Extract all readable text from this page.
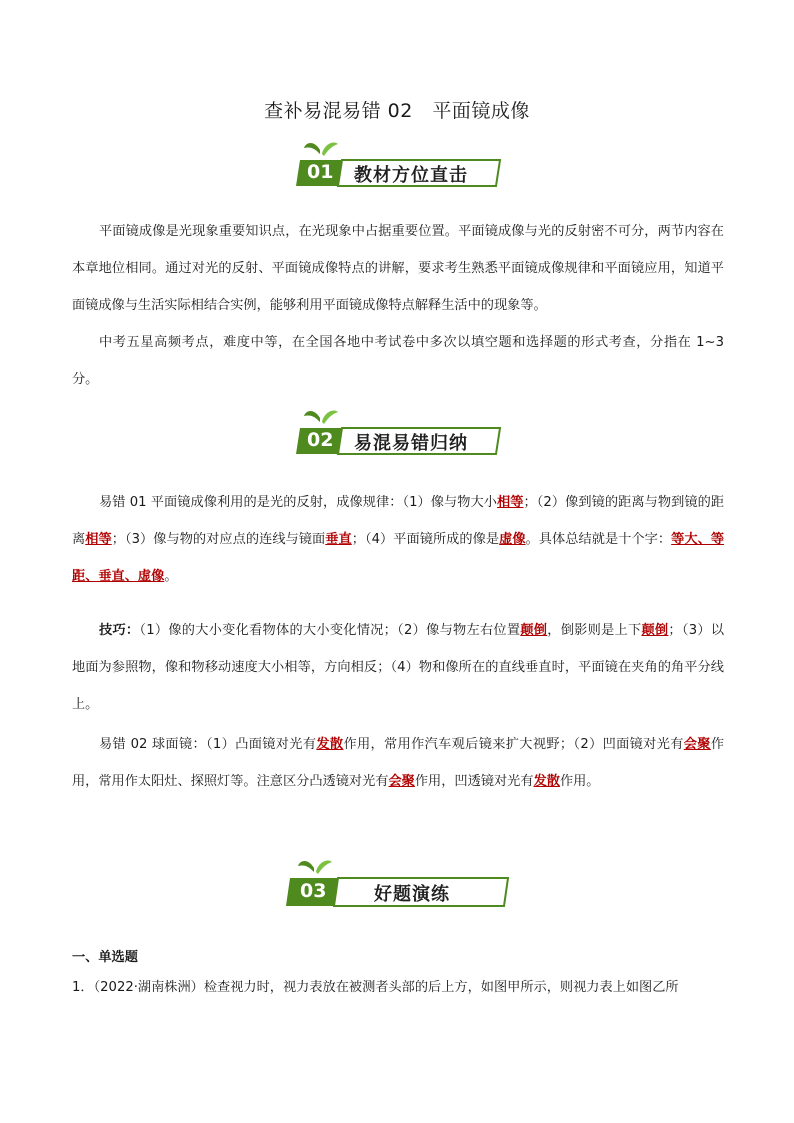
查补易混易错 02　平面镜成像
01 教材方位直击

平面镜成像是光现象重要知识点，在光现象中占据重要位置。平面镜成像与光的反射密不可分，两节内容在本章地位相同。通过对光的反射、平面镜成像特点的讲解，要求考生熟悉平面镜成像规律和平面镜应用，知道平面镜成像与生活实际相结合实例，能够利用平面镜成像特点解释生活中的现象等。

中考五星高频考点，难度中等，在全国各地中考试卷中多次以填空题和选择题的形式考查，分指在 1~3 分。

02 易混易错归纳

易错 01 平面镜成像利用的是光的反射，成像规律：（1）像与物大小相等；（2）像到镜的距离与物到镜的距离相等；（3）像与物的对应点的连线与镜面垂直；（4）平面镜所成的像是虚像。具体总结就是十个字：等大、等距、垂直、虚像。

技巧：（1）像的大小变化看物体的大小变化情况；（2）像与物左右位置颠倒，倒影则是上下颠倒；（3）以地面为参照物，像和物移动速度大小相等，方向相反；（4）物和像所在的直线垂直时，平面镜在夹角的角平分线上。

易错 02 球面镜：（1）凸面镜对光有发散作用，常用作汽车观后镜来扩大视野；（2）凹面镜对光有会聚作用，常用作太阳灶、探照灯等。注意区分凸透镜对光有会聚作用，凹透镜对光有发散作用。

03	好题演练
一、单选题
1．（2022·湖南株洲）检查视力时，视力表放在被测者头部的后上方，如图甲所示，则视力表上如图乙所
